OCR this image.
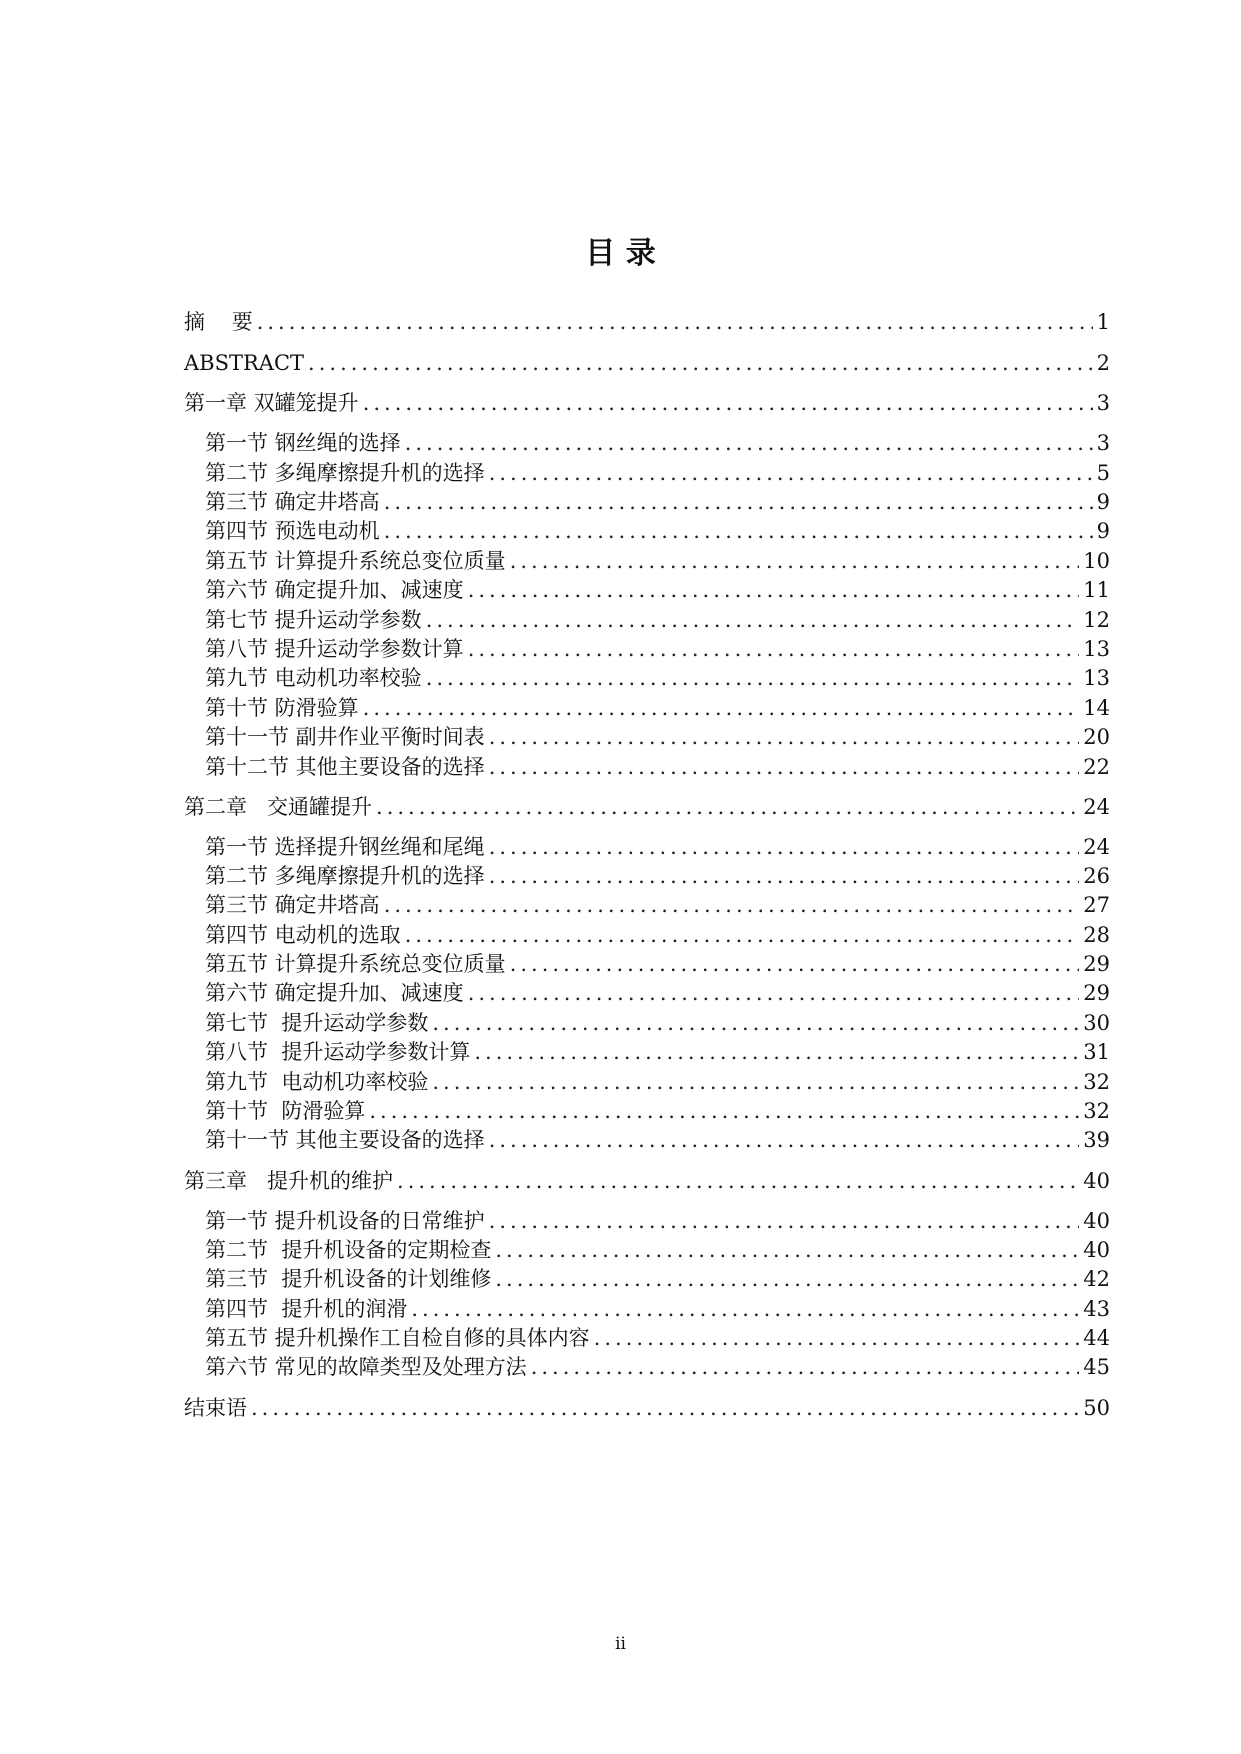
目 录
摘    要 .....	1
ABSTRACT .....	2
第一章 双罐笼提升 .....	3
第一节 钢丝绳的选择 .....	3
第二节 多绳摩擦提升机的选择 .....	5
第三节 确定井塔高 .....	9
第四节 预选电动机 .....	9
第五节 计算提升系统总变位质量 .....	10
第六节 确定提升加、减速度 .....	11
第七节 提升运动学参数 .....	12
第八节 提升运动学参数计算 .....	13
第九节 电动机功率校验 .....	13
第十节 防滑验算 .....	14
第十一节 副井作业平衡时间表 .....	20
第十二节 其他主要设备的选择 .....	22
第二章   交通罐提升 .....	24
第一节 选择提升钢丝绳和尾绳 .....	24
第二节 多绳摩擦提升机的选择 .....	26
第三节 确定井塔高 .....	27
第四节 电动机的选取 .....	28
第五节 计算提升系统总变位质量 .....	29
第六节 确定提升加、减速度 .....	29
第七节  提升运动学参数 .....	30
第八节  提升运动学参数计算 .....	31
第九节  电动机功率校验 .....	32
第十节  防滑验算 .....	32
第十一节 其他主要设备的选择 .....	39
第三章   提升机的维护 .....	40
第一节 提升机设备的日常维护 .....	40
第二节  提升机设备的定期检查 .....	40
第三节  提升机设备的计划维修 .....	42
第四节  提升机的润滑 .....	43
第五节 提升机操作工自检自修的具体内容 .....	44
第六节 常见的故障类型及处理方法 .....	45
结束语 .....	50
ii
